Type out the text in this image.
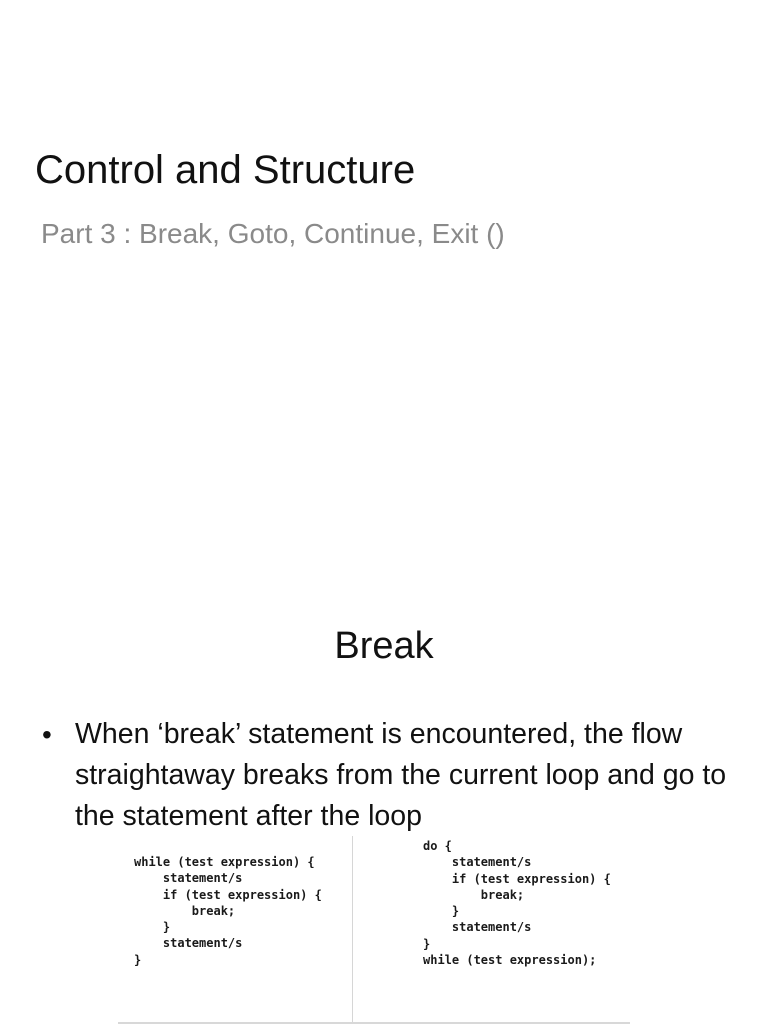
Control and Structure
Part 3 : Break, Goto, Continue, Exit ()
Break
• When ‘break’ statement is encountered, the flow straightaway breaks from the current loop and go to the statement after the loop
while (test expression) {
statement/s
if (test expression) {
break;
}
statement/s
}
do {
statement/s
if (test expression) {
break;
}
statement/s
}
while (test expression);
